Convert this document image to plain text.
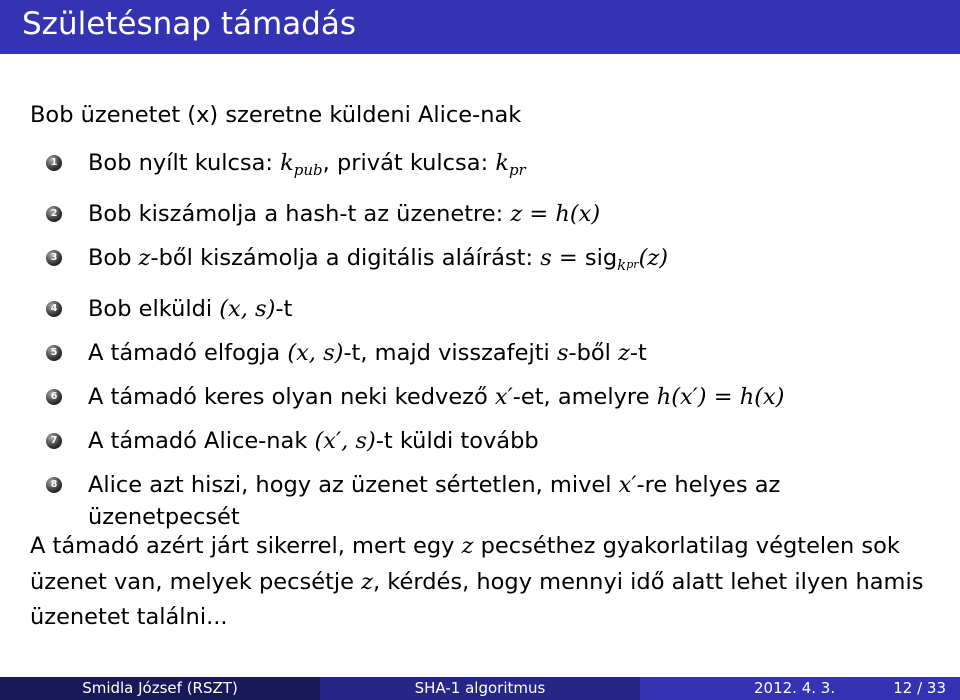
Születésnap támadás
Bob üzenetet (x) szeretne küldeni Alice-nak
1 Bob nyílt kulcsa: $k_{pub}$, privát kulcsa: $k_{pr}$
2 Bob kiszámolja a hash-t az üzenetre: z = h(x)
3 Bob z-ből kiszámolja a digitális aláírást: s = sig$_k$pr(z)
4 Bob elküldi (x, s)-t
5 A támadó elfogja (x, s)-t, majd visszafejti s-ből z-t
6 A támadó keres olyan neki kedvező x′-et, amelyre h(x′) = h(x)
7 A támadó Alice-nak (x′, s)-t küldi tovább
8 Alice azt hiszi, hogy az üzenet sértetlen, mivel x′-re helyes az üzenetpecsét
A támadó azért járt sikerrel, mert egy z pecséthez gyakorlatilag végtelen sok üzenet van, melyek pecsétje z, kérdés, hogy mennyi idő alatt lehet ilyen hamis üzenetet találni...
Smidla József (RSZT)	SHA-1 algoritmus	2012. 4. 3.	12 / 33
